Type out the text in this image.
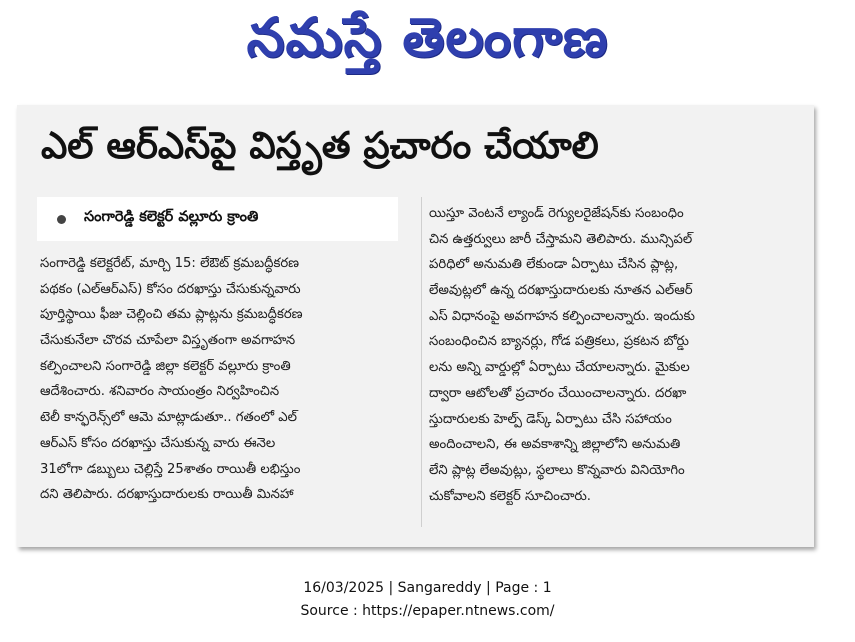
నమస్తే తెలంగాణ
ఎల్ ఆర్‌ఎస్‌పై విస్తృత ప్రచారం చేయాలి
సంగారెడ్డి కలెక్టర్ వల్లూరు క్రాంతి
సంగారెడ్డి కలెక్టరేట్, మార్చి 15: లేఔట్ క్రమబద్ధీకరణ
పథకం (ఎల్‌ఆర్‌ఎస్) కోసం దరఖాస్తు చేసుకున్నవారు
పూర్తిస్థాయి ఫీజు చెల్లించి తమ ప్లాట్లను క్రమబద్ధీకరణ
చేసుకునేలా చొరవ చూపేలా విస్తృతంగా అవగాహన
కల్పించాలని సంగారెడ్డి జిల్లా కలెక్టర్ వల్లూరు క్రాంతి
ఆదేశించారు. శనివారం సాయంత్రం నిర్వహించిన
టెలీ కాన్ఫరెన్స్‌లో ఆమె మాట్లాడుతూ.. గతంలో ఎల్
ఆర్‌ఎస్ కోసం దరఖాస్తు చేసుకున్న వారు ఈనెల
31లోగా డబ్బులు చెల్లిస్తే 25శాతం రాయితీ లభిస్తుం
దని తెలిపారు. దరఖాస్తుదారులకు రాయితీ మినహా
యిస్తూ వెంటనే ల్యాండ్ రెగ్యులరైజేషన్‌కు సంబంధిం
చిన ఉత్తర్వులు జారీ చేస్తామని తెలిపారు. మున్సిపల్
పరిధిలో అనుమతి లేకుండా ఏర్పాటు చేసిన ప్లాట్ల,
లేఅవుట్లలో ఉన్న దరఖాస్తుదారులకు నూతన ఎల్‌ఆర్
ఎస్ విధానంపై అవగాహన కల్పించాలన్నారు. ఇందుకు
సంబంధించిన బ్యానర్లు, గోడ పత్రికలు, ప్రకటన బోర్డు
లను అన్ని వార్డుల్లో ఏర్పాటు చేయాలన్నారు. మైకుల
ద్వారా ఆటోలతో ప్రచారం చేయించాలన్నారు. దరఖా
స్తుదారులకు హెల్ప్ డెస్క్ ఏర్పాటు చేసి సహాయం
అందించాలని, ఈ అవకాశాన్ని జిల్లాలోని అనుమతి
లేని ప్లాట్ల లేఅవుట్లు, స్థలాలు కొన్నవారు వినియోగిం
చుకోవాలని కలెక్టర్ సూచించారు.
16/03/2025 | Sangareddy | Page : 1
Source : https://epaper.ntnews.com/
